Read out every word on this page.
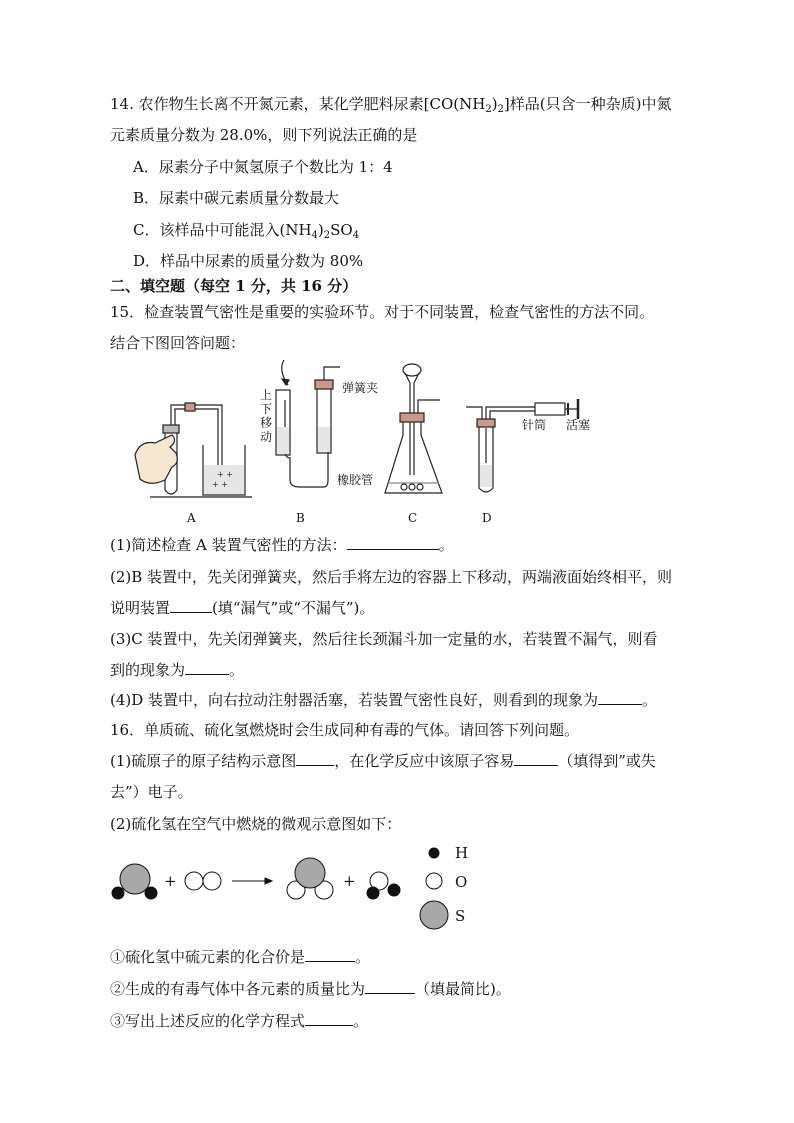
14. 农作物生长离不开氮元素，某化学肥料尿素$[CO(NH_2)_2]$样品(只含一种杂质)中氮
元素质量分数为 28.0%，则下列说法正确的是
A．尿素分子中氮氢原子个数比为 1：4
B．尿素中碳元素质量分数最大
C．该样品中可能混入$(NH_4)_2SO_4$
D．样品中尿素的质量分数为 80%
二、填空题（每空 1 分，共 16 分）
15．检查装置气密性是重要的实验环节。对于不同装置，检查气密性的方法不同。
结合下图回答问题：
+ +
+ +
弹簧夹
橡胶管
针筒 活塞
上
下
移
动
A	B	C	D
(1)简述检查 A 装置气密性的方法：	。
(2)B 装置中，先关闭弹簧夹，然后手将左边的容器上下移动，两端液面始终相平，则
说明装置	(填“漏气”或“不漏气”)。
(3)C 装置中，先关闭弹簧夹，然后往长颈漏斗加一定量的水，若装置不漏气，则看
到的现象为	。
(4)D 装置中，向右拉动注射器活塞，若装置气密性良好，则看到的现象为	。
16．单质硫、硫化氢燃烧时会生成同种有毒的气体。请回答下列问题。
(1)硫原子的原子结构示意图	，在化学反应中该原子容易	（填得到”或失
去”）电子。
(2)硫化氢在空气中燃烧的微观示意图如下：
+	+
H
O
S
①硫化氢中硫元素的化合价是	。
②生成的有毒气体中各元素的质量比为	（填最简比)。
③写出上述反应的化学方程式	。
